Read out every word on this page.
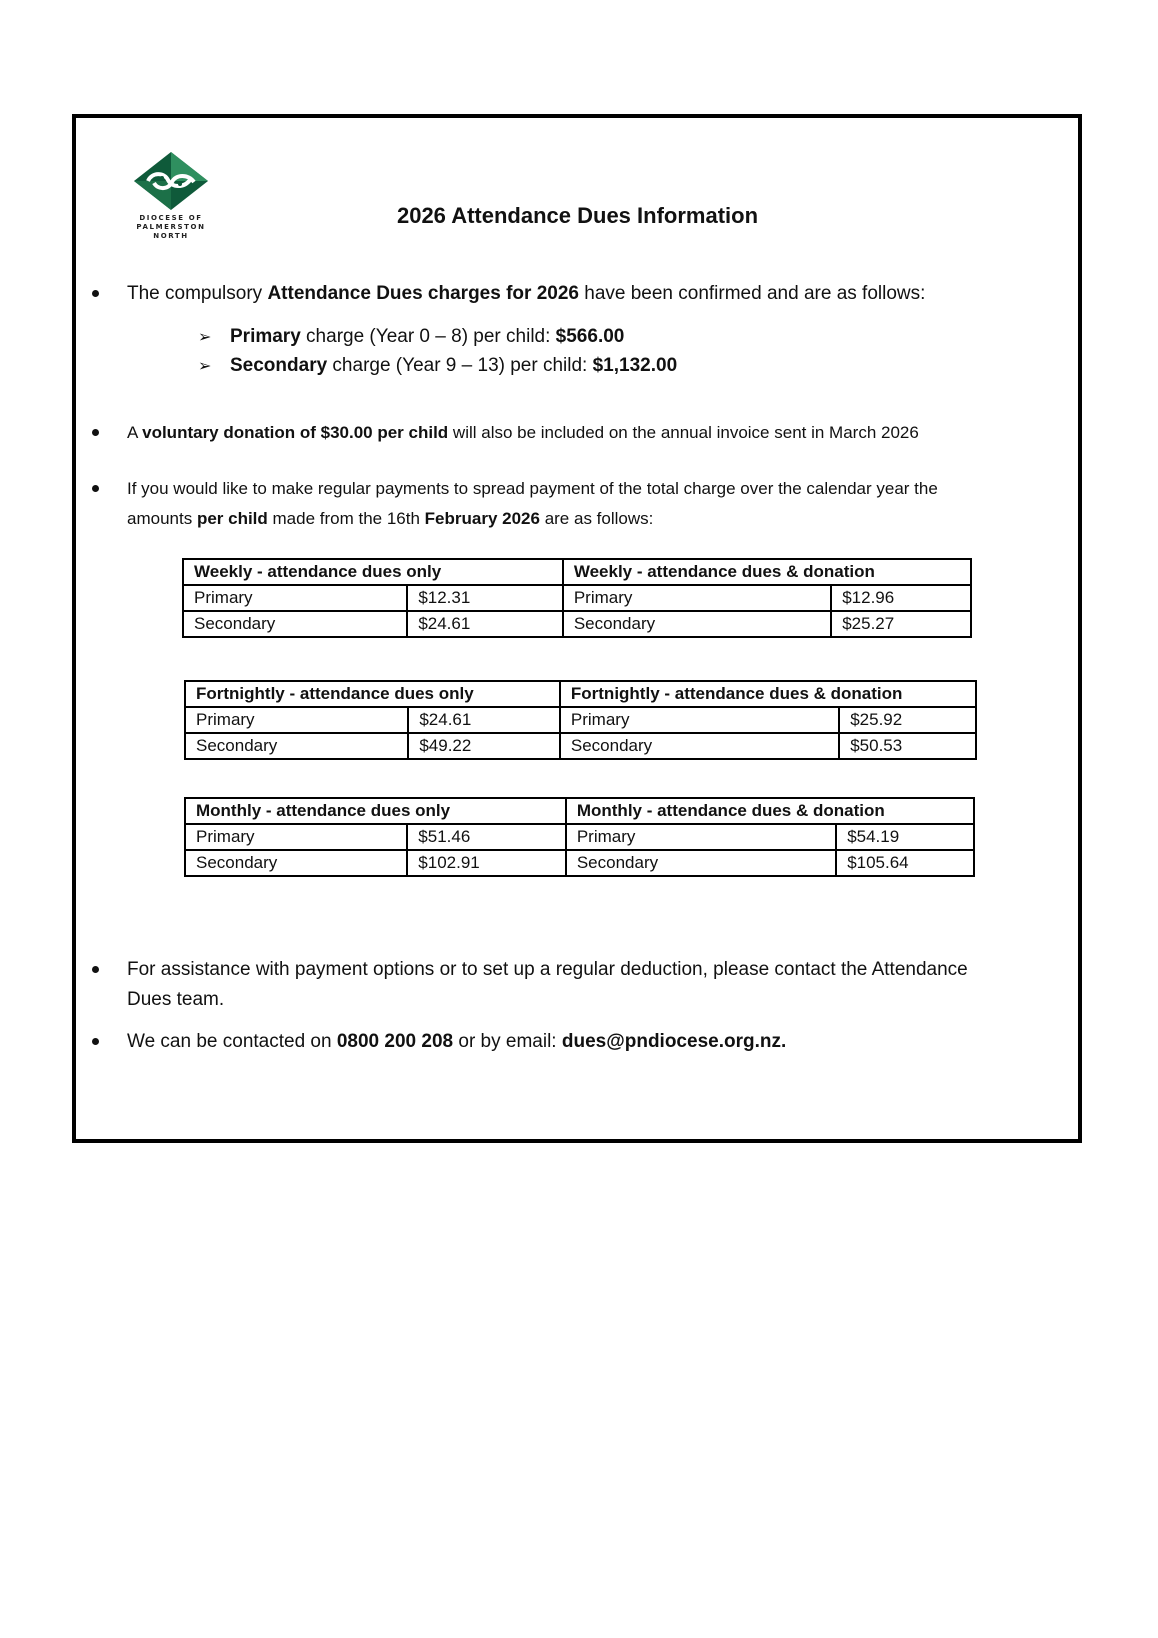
DIOCESE OF
PALMERSTON
NORTH
2026 Attendance Dues Information
The compulsory Attendance Dues charges for 2026 have been confirmed and are as follows:
➢ Primary charge (Year 0 – 8) per child: $566.00
➢ Secondary charge (Year 9 – 13) per child: $1,132.00
A voluntary donation of $30.00 per child will also be included on the annual invoice sent in March 2026
If you would like to make regular payments to spread payment of the total charge over the calendar year the
amounts per child made from the 16th February 2026 are as follows:
Weekly - attendance dues only		Weekly - attendance dues & donation	
Primary	$12.31	Primary	$12.96
Secondary	$24.61	Secondary	$25.27
Fortnightly - attendance dues only		Fortnightly - attendance dues & donation	
Primary	$24.61	Primary	$25.92
Secondary	$49.22	Secondary	$50.53
Monthly - attendance dues only		Monthly - attendance dues & donation	
Primary	$51.46	Primary	$54.19
Secondary	$102.91	Secondary	$105.64
For assistance with payment options or to set up a regular deduction, please contact the Attendance
Dues team.
We can be contacted on 0800 200 208 or by email: dues@pndiocese.org.nz.
